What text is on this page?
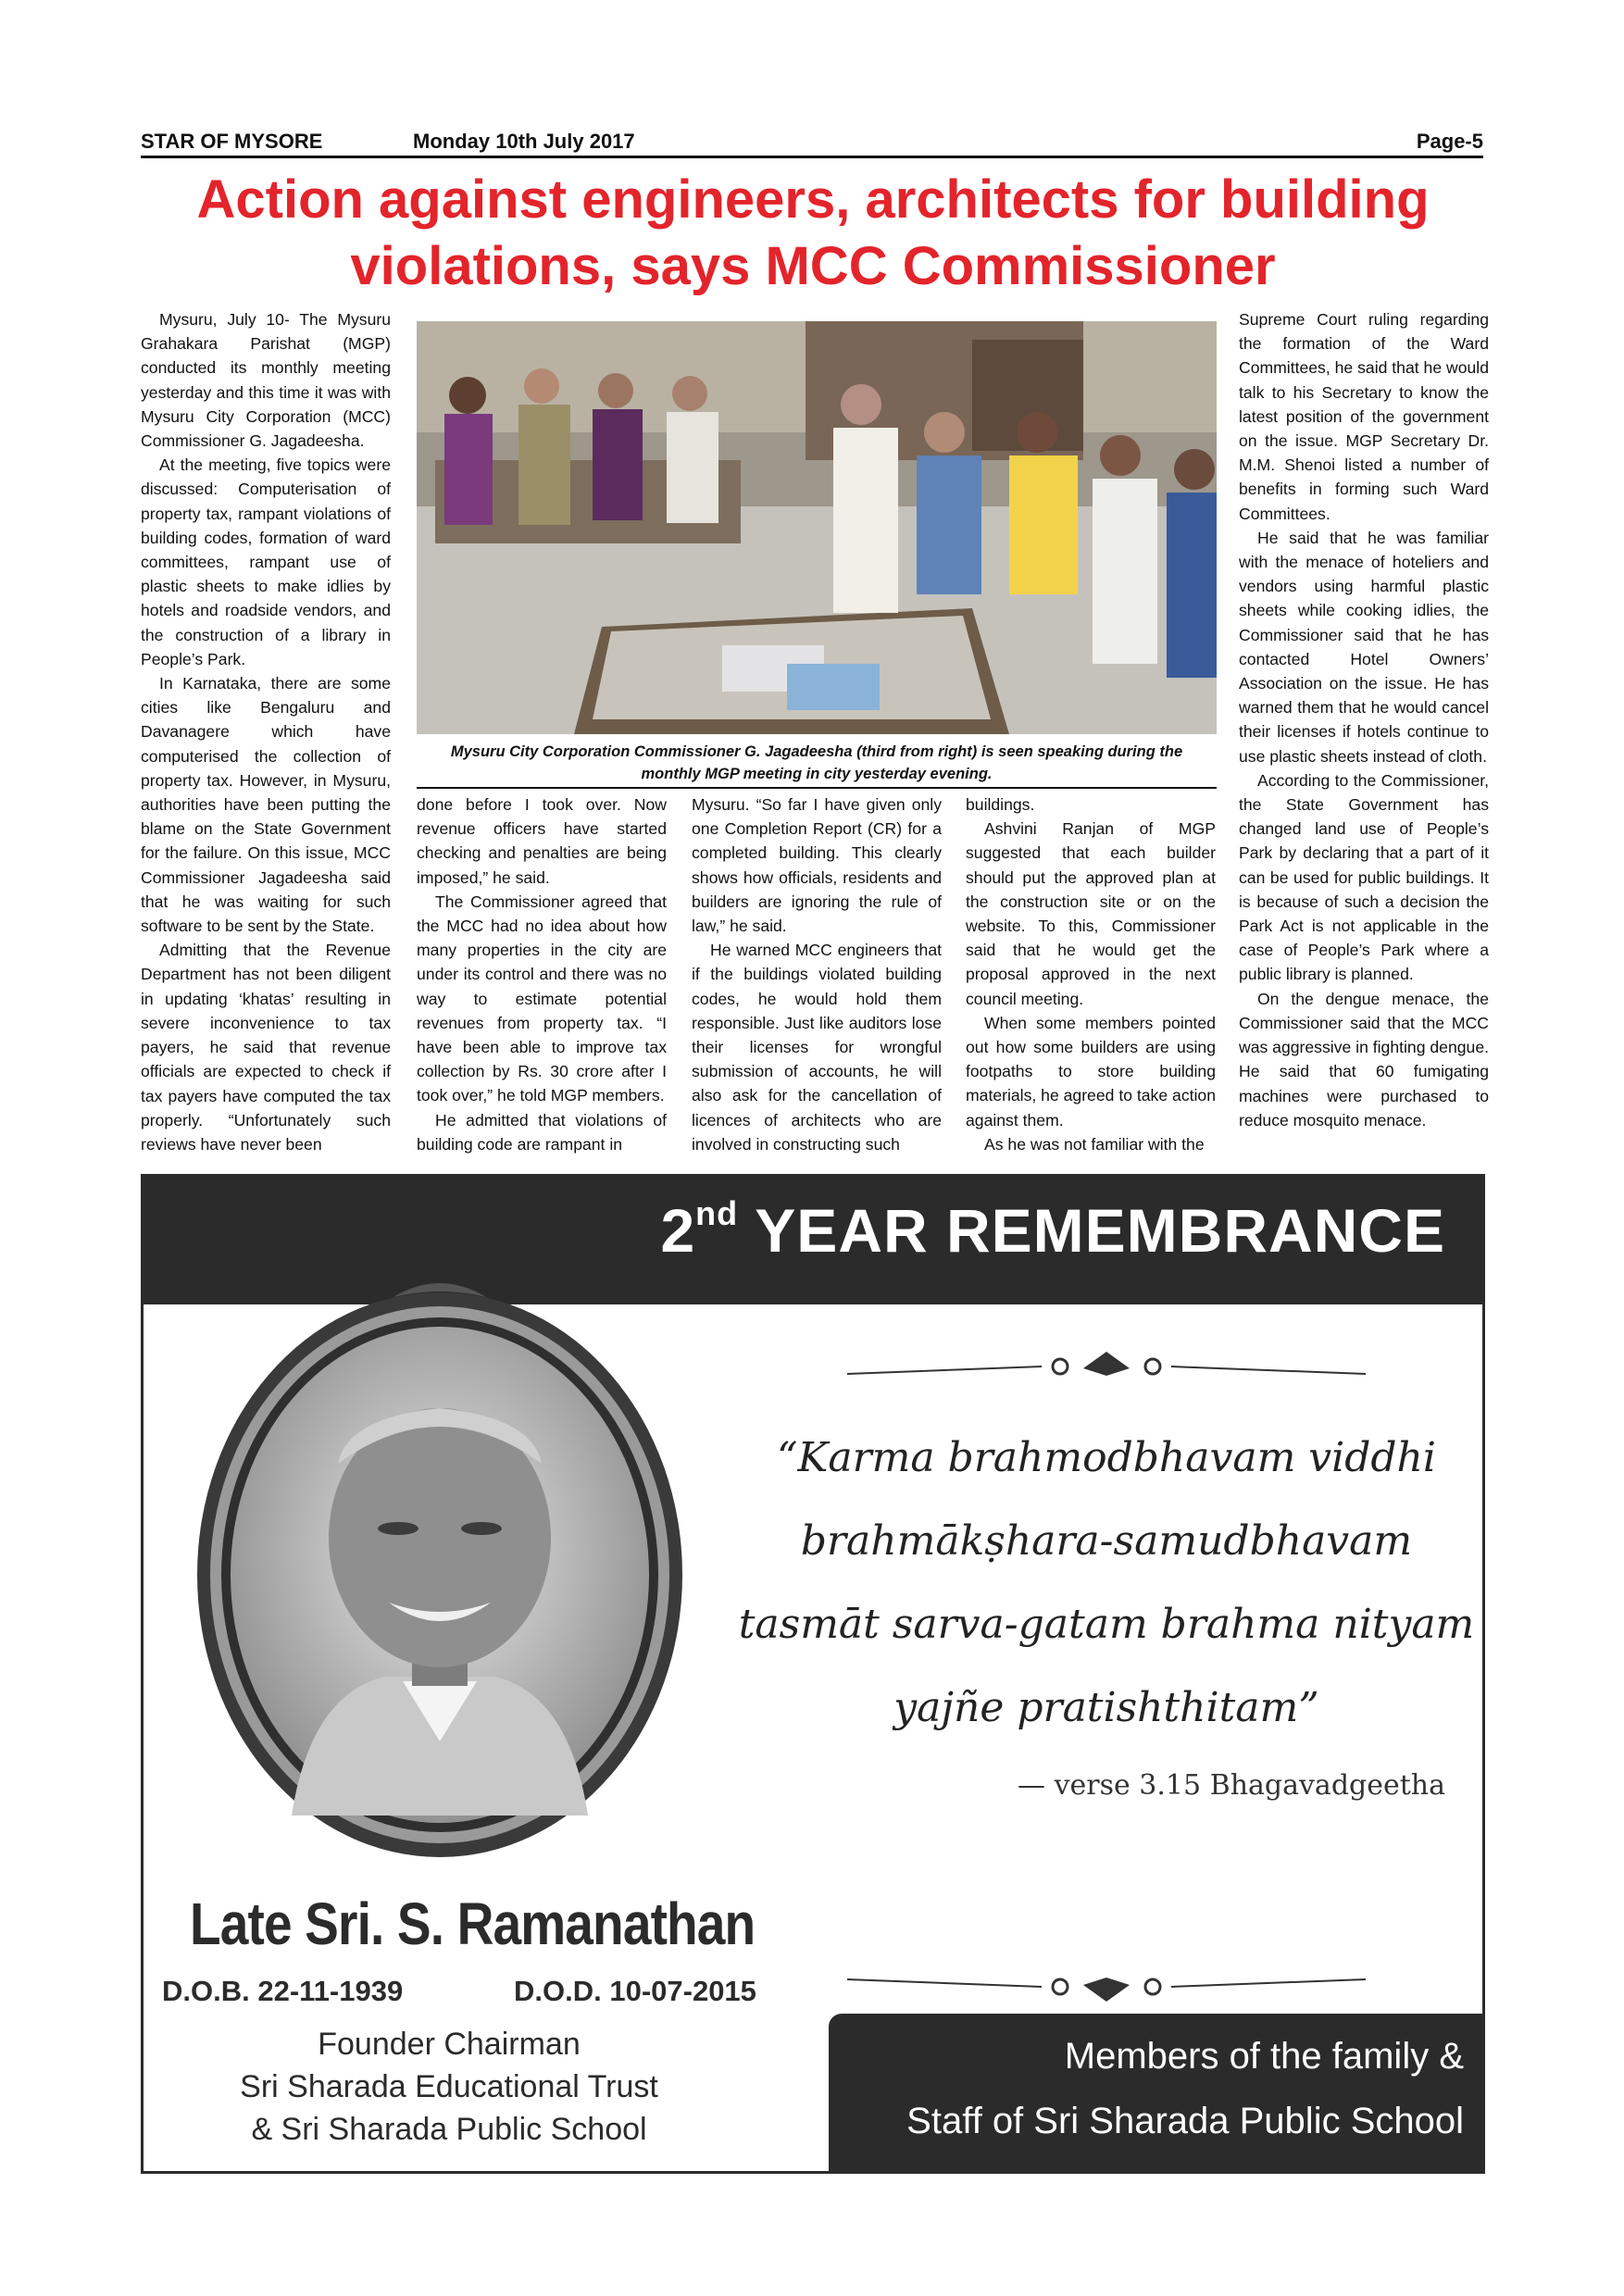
STAR OF MYSORE	Monday 10th July 2017	Page-5
Action against engineers, architects for building
violations, says MCC Commissioner

Mysuru, July 10- The Mysuru Grahakara Parishat (MGP) conducted its monthly meeting yesterday and this time it was with Mysuru City Corporation (MCC) Commissioner G. Jagadeesha.

At the meeting, five topics were discussed: Computerisation of property tax, rampant violations of building codes, formation of ward committees, rampant use of plastic sheets to make idlies by hotels and roadside vendors, and the construction of a library in People’s Park.

In Karnataka, there are some cities like Bengaluru and Davanagere which have computerised the collection of property tax. However, in Mysuru, authorities have been putting the blame on the State Government for the failure. On this issue, MCC Commissioner Jagadeesha said that he was waiting for such software to be sent by the State.

Admitting that the Revenue Department has not been diligent in updating ‘khatas’ resulting in severe inconvenience to tax payers, he said that revenue officials are expected to check if tax payers have computed the tax properly. “Unfortunately such reviews have never been

Mysuru City Corporation Commissioner G. Jagadeesha (third from right) is seen speaking during the
monthly MGP meeting in city yesterday evening.

done before I took over. Now revenue officers have started checking and penalties are being imposed,” he said.

The Commissioner agreed that the MCC had no idea about how many properties in the city are under its control and there was no way to estimate potential revenues from property tax. “I have been able to improve tax collection by Rs. 30 crore after I took over,” he told MGP members.

He admitted that violations of building code are rampant in

Mysuru. “So far I have given only one Completion Report (CR) for a completed building. This clearly shows how officials, residents and builders are ignoring the rule of law,” he said.

He warned MCC engineers that if the buildings violated building codes, he would hold them responsible. Just like auditors lose their licenses for wrongful submission of accounts, he will also ask for the cancellation of licences of architects who are involved in constructing such

buildings.

Ashvini Ranjan of MGP suggested that each builder should put the approved plan at the construction site or on the website. To this, Commissioner said that he would get the proposal approved in the next council meeting.

When some members pointed out how some builders are using footpaths to store building materials, he agreed to take action against them.

As he was not familiar with the

Supreme Court ruling regarding the formation of the Ward Committees, he said that he would talk to his Secretary to know the latest position of the government on the issue. MGP Secretary Dr. M.M. Shenoi listed a number of benefits in forming such Ward Committees.

He said that he was familiar with the menace of hoteliers and vendors using harmful plastic sheets while cooking idlies, the Commissioner said that he has contacted Hotel Owners’ Association on the issue. He has warned them that he would cancel their licenses if hotels continue to use plastic sheets instead of cloth.

According to the Commissioner, the State Government has changed land use of People’s Park by declaring that a part of it can be used for public buildings. It is because of such a decision the Park Act is not applicable in the case of People’s Park where a public library is planned.

On the dengue menace, the Commissioner said that the MCC was aggressive in fighting dengue. He said that 60 fumigating machines were purchased to reduce mosquito menace.

2nd YEAR REMEMBRANCE
“Karma brahmodbhavam viddhi
brahmākṣhara-samudbhavam
tasmāt sarva-gatam brahma nityam
yajñe pratishthitam”
— verse 3.15 Bhagavadgeetha
Late Sri. S. Ramanathan
D.O.B. 22-11-1939	D.O.D. 10-07-2015
Founder Chairman
Sri Sharada Educational Trust
& Sri Sharada Public School
Members of the family &
Staff of Sri Sharada Public School
